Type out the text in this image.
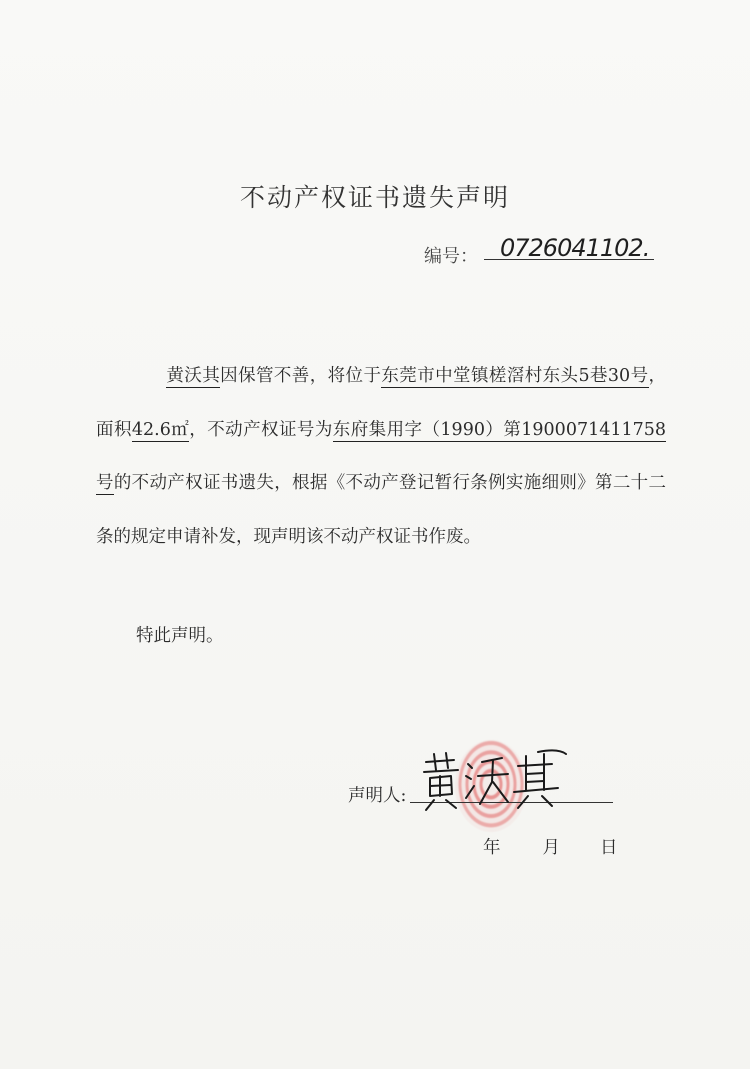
不动产权证书遗失声明
编号： 0726041102.
黄沃其因保管不善，将位于东莞市中堂镇槎滘村东头5巷30号，面积42.6㎡，不动产权证号为东府集用字（1990）第1900071411758号的不动产权证书遗失，根据《不动产登记暂行条例实施细则》第二十二条的规定申请补发，现声明该不动产权证书作废。
特此声明。
声明人:
年 月 日
